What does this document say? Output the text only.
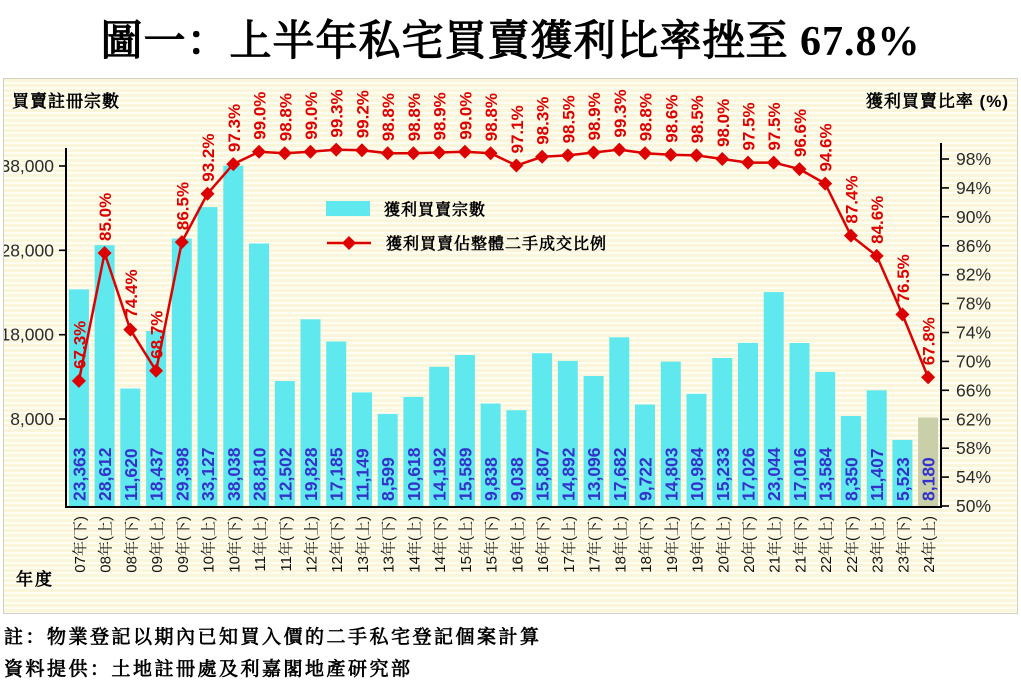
圖一：上半年私宅買賣獲利比率挫至 67.8%
買賣註冊宗數	獲利買賣比率 (%)
23,363 28,612 11,620 18,437 29,398 33,127 38,038 28,810 12,502 19,828 17,185 11,149 8,599 10,618 14,192 15,589 9,838 9,038 15,807 14,892 13,096 17,682 9,722 14,803 10,984 15,233 17,026 23,044 17,016 13,584 8,350 11,407 5,523 8,180
8,000
18,000
28,000
38,000
50%
54%
58%
62%
66%
70%
74%
78%
82%
86%
90%
94%
98%
07年(下) 08年(上) 08年(下) 09年(上) 09年(下) 10年(上) 10年(下) 11年(上) 11年(下) 12年(上) 12年(下) 13年(上) 13年(下) 14年(上) 14年(下) 15年(上) 15年(下) 16年(上) 16年(下) 17年(上) 17年(下) 18年(上) 18年(下) 19年(上) 19年(下) 20年(上) 20年(下) 21年(上) 21年(下) 22年(上) 22年(下) 23年(上) 23年(下) 24年(上)
67.3%
85.0%
74.4%
68.7%
86.5%
93.2%
97.3% 99.0% 98.8% 99.0% 99.3% 99.2% 98.8% 98.8% 98.9% 99.0% 98.8% 97.1% 98.3% 98.5% 98.9% 99.3% 98.8% 98.6% 98.5% 98.0% 97.5% 97.5% 96.6% 94.6%
87.4% 84.6%
76.5%
67.8%
獲利買賣宗數
獲利買賣佔整體二手成交比例
年度
註：物業登記以期內已知買入價的二手私宅登記個案計算
資料提供：土地註冊處及利嘉閣地產研究部
